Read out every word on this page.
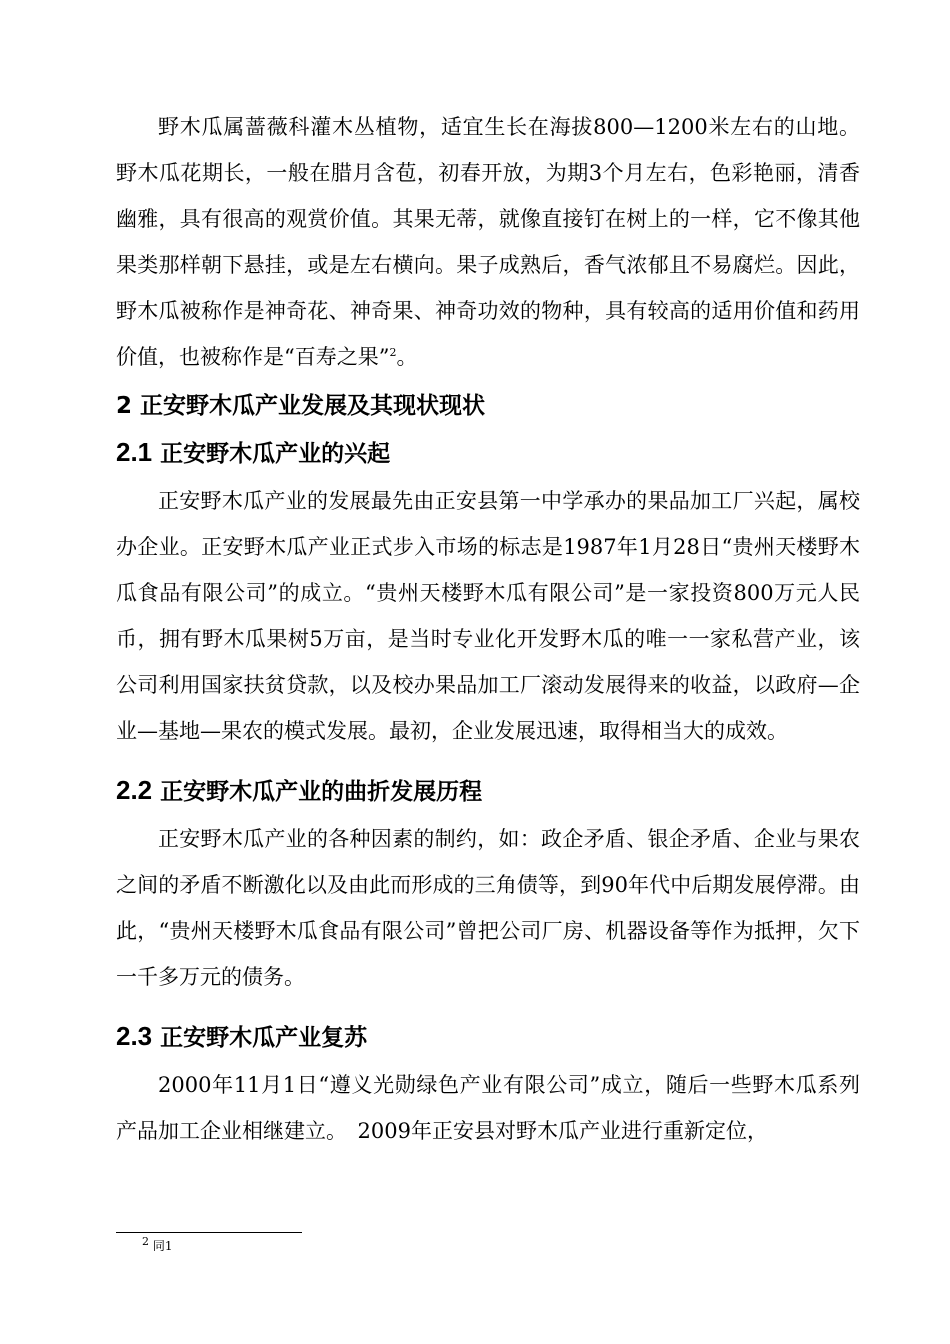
野木瓜属蔷薇科灌木丛植物，适宜生长在海拔800—1200米左右的山地。野木瓜花期长，一般在腊月含苞，初春开放，为期3个月左右，色彩艳丽，清香幽雅，具有很高的观赏价值。其果无蒂，就像直接钉在树上的一样，它不像其他果类那样朝下悬挂，或是左右横向。果子成熟后，香气浓郁且不易腐烂。因此，野木瓜被称作是神奇花、神奇果、神奇功效的物种，具有较高的适用价值和药用价值，也被称作是“百寿之果”$^2$。

2 正安野木瓜产业发展及其现状现状
2.1 正安野木瓜产业的兴起

正安野木瓜产业的发展最先由正安县第一中学承办的果品加工厂兴起，属校办企业。正安野木瓜产业正式步入市场的标志是1987年1月28日“贵州天楼野木瓜食品有限公司”的成立。“贵州天楼野木瓜有限公司”是一家投资800万元人民币，拥有野木瓜果树5万亩，是当时专业化开发野木瓜的唯一一家私营产业，该公司利用国家扶贫贷款，以及校办果品加工厂滚动发展得来的收益，以政府—企业—基地—果农的模式发展。最初，企业发展迅速，取得相当大的成效。

2.2 正安野木瓜产业的曲折发展历程

正安野木瓜产业的各种因素的制约，如：政企矛盾、银企矛盾、企业与果农之间的矛盾不断激化以及由此而形成的三角债等，到90年代中后期发展停滞。由此，“贵州天楼野木瓜食品有限公司”曾把公司厂房、机器设备等作为抵押，欠下一千多万元的债务。

2.3 正安野木瓜产业复苏

2000年11月1日“遵义光勋绿色产业有限公司”成立，随后一些野木瓜系列产品加工企业相继建立。　2009年正安县对野木瓜产业进行重新定位，

$^2$ 同1
